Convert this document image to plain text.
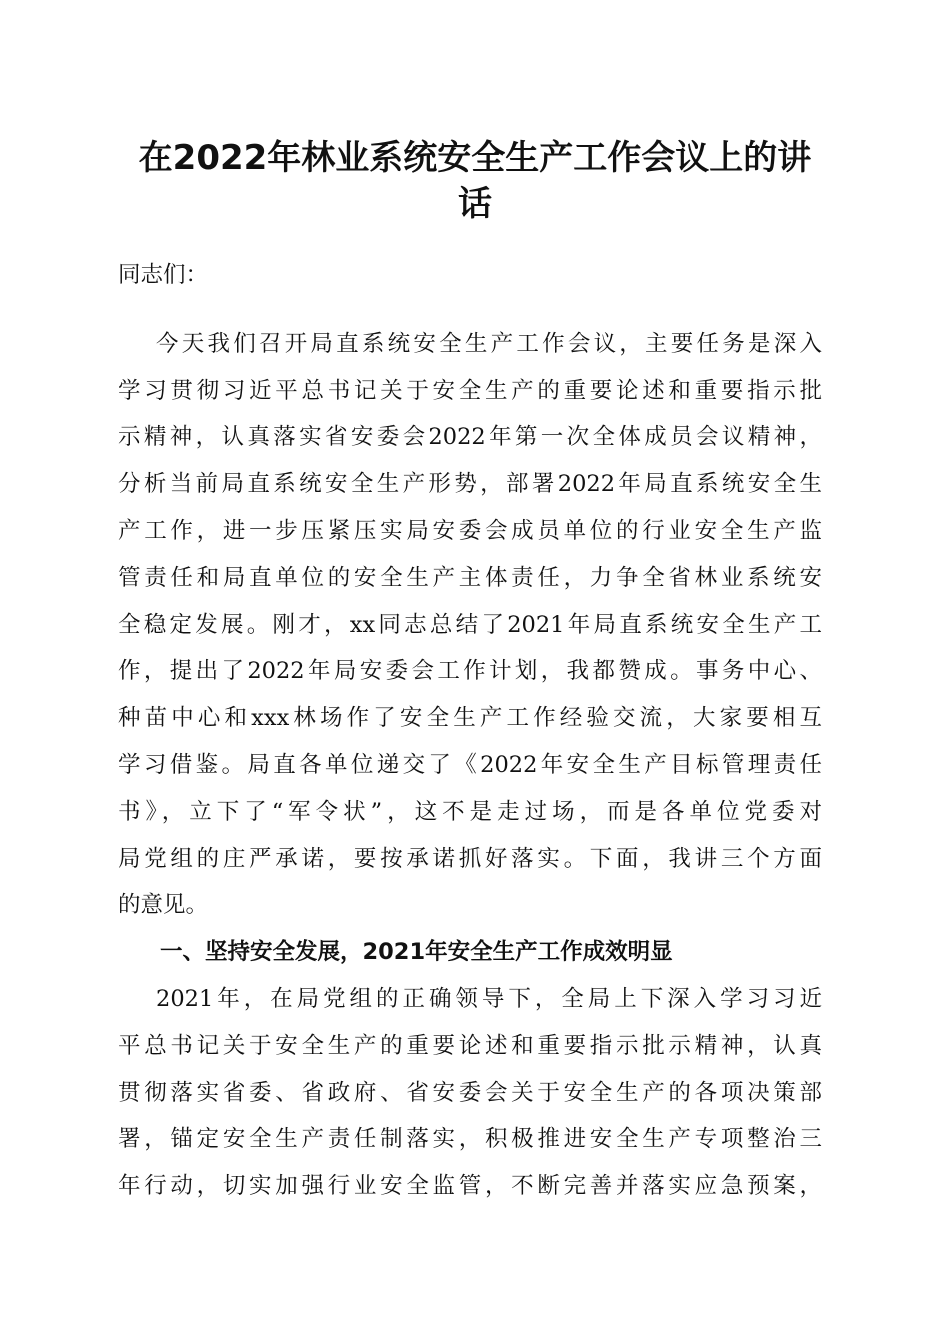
在2022年林业系统安全生产工作会议上的讲
话
同志们：
今天我们召开局直系统安全生产工作会议，主要任务是深入
学习贯彻习近平总书记关于安全生产的重要论述和重要指示批
示精神，认真落实省安委会2022年第一次全体成员会议精神，
分析当前局直系统安全生产形势，部署2022年局直系统安全生
产工作，进一步压紧压实局安委会成员单位的行业安全生产监
管责任和局直单位的安全生产主体责任，力争全省林业系统安
全稳定发展。刚才，xx同志总结了2021年局直系统安全生产工
作，提出了2022年局安委会工作计划，我都赞成。事务中心、
种苗中心和xxx林场作了安全生产工作经验交流，大家要相互
学习借鉴。局直各单位递交了《2022年安全生产目标管理责任
书》，立下了“军令状”，这不是走过场，而是各单位党委对
局党组的庄严承诺，要按承诺抓好落实。下面，我讲三个方面
的意见。
一、坚持安全发展，2021年安全生产工作成效明显
2021年，在局党组的正确领导下，全局上下深入学习习近
平总书记关于安全生产的重要论述和重要指示批示精神，认真
贯彻落实省委、省政府、省安委会关于安全生产的各项决策部
署，锚定安全生产责任制落实，积极推进安全生产专项整治三
年行动，切实加强行业安全监管，不断完善并落实应急预案，
